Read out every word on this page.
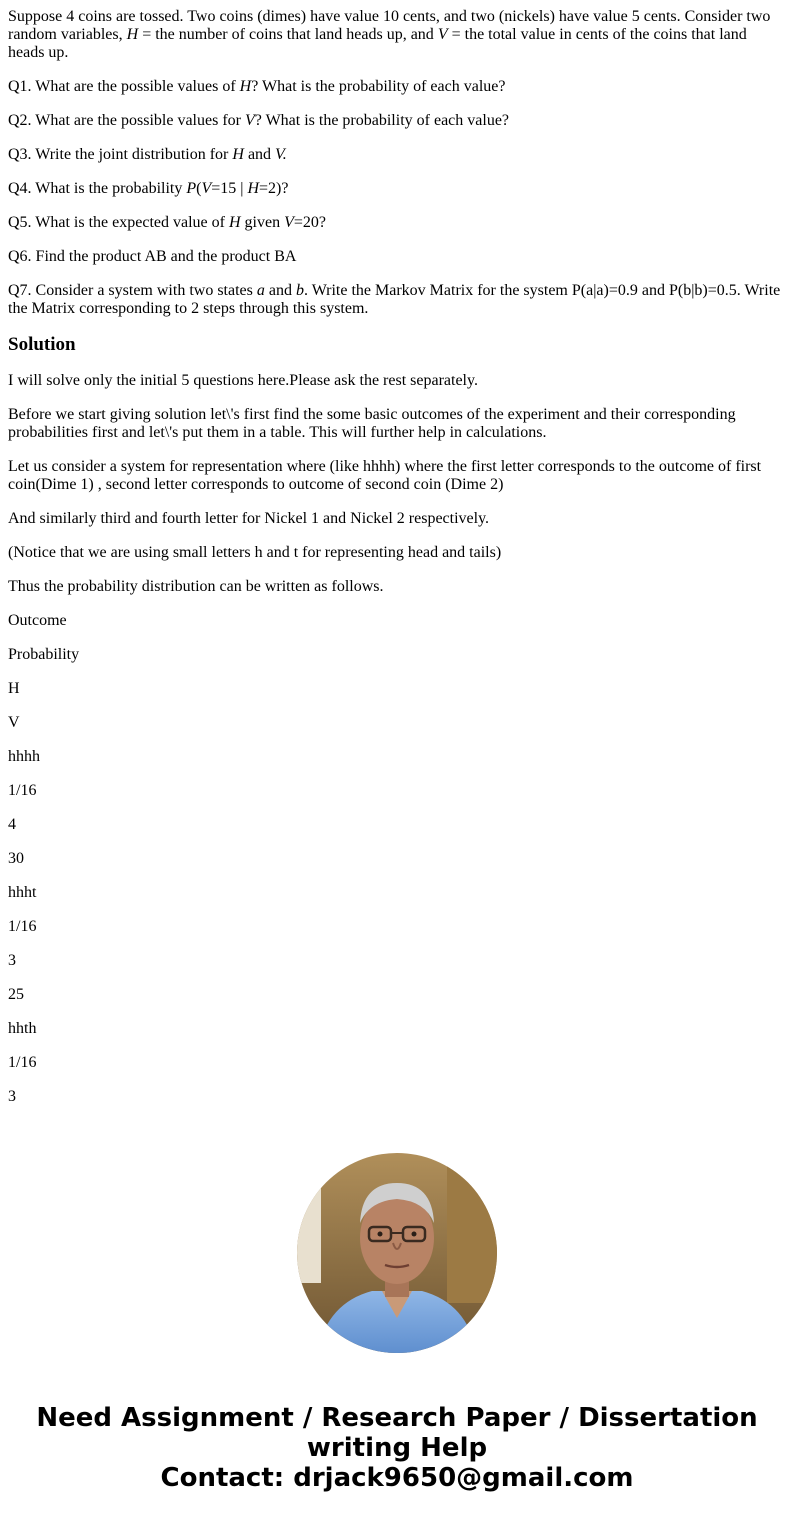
Suppose 4 coins are tossed. Two coins (dimes) have value 10 cents, and two (nickels) have value 5 cents. Consider two random variables, H = the number of coins that land heads up, and V = the total value in cents of the coins that land heads up.

Q1. What are the possible values of H? What is the probability of each value?

Q2. What are the possible values for V? What is the probability of each value?

Q3. Write the joint distribution for H and V.

Q4. What is the probability P(V=15 | H=2)?

Q5. What is the expected value of H given V=20?

Q6. Find the product AB and the product BA

Q7. Consider a system with two states a and b. Write the Markov Matrix for the system P(a|a)=0.9 and P(b|b)=0.5. Write the Matrix corresponding to 2 steps through this system.

Solution

I will solve only the initial 5 questions here.Please ask the rest separately.

Before we start giving solution let\'s first find the some basic outcomes of the experiment and their corresponding probabilities first and let\'s put them in a table. This will further help in calculations.

Let us consider a system for representation where (like hhhh) where the first letter corresponds to the outcome of first coin(Dime 1) , second letter corresponds to outcome of second coin (Dime 2)

And similarly third and fourth letter for Nickel 1 and Nickel 2 respectively.

(Notice that we are using small letters h and t for representing head and tails)

Thus the probability distribution can be written as follows.

Outcome

Probability

H

V

hhhh

1/16

4

30

hhht

1/16

3

25

hhth

1/16

3

Need Assignment / Research Paper / Dissertation
writing Help
Contact: drjack9650@gmail.com
